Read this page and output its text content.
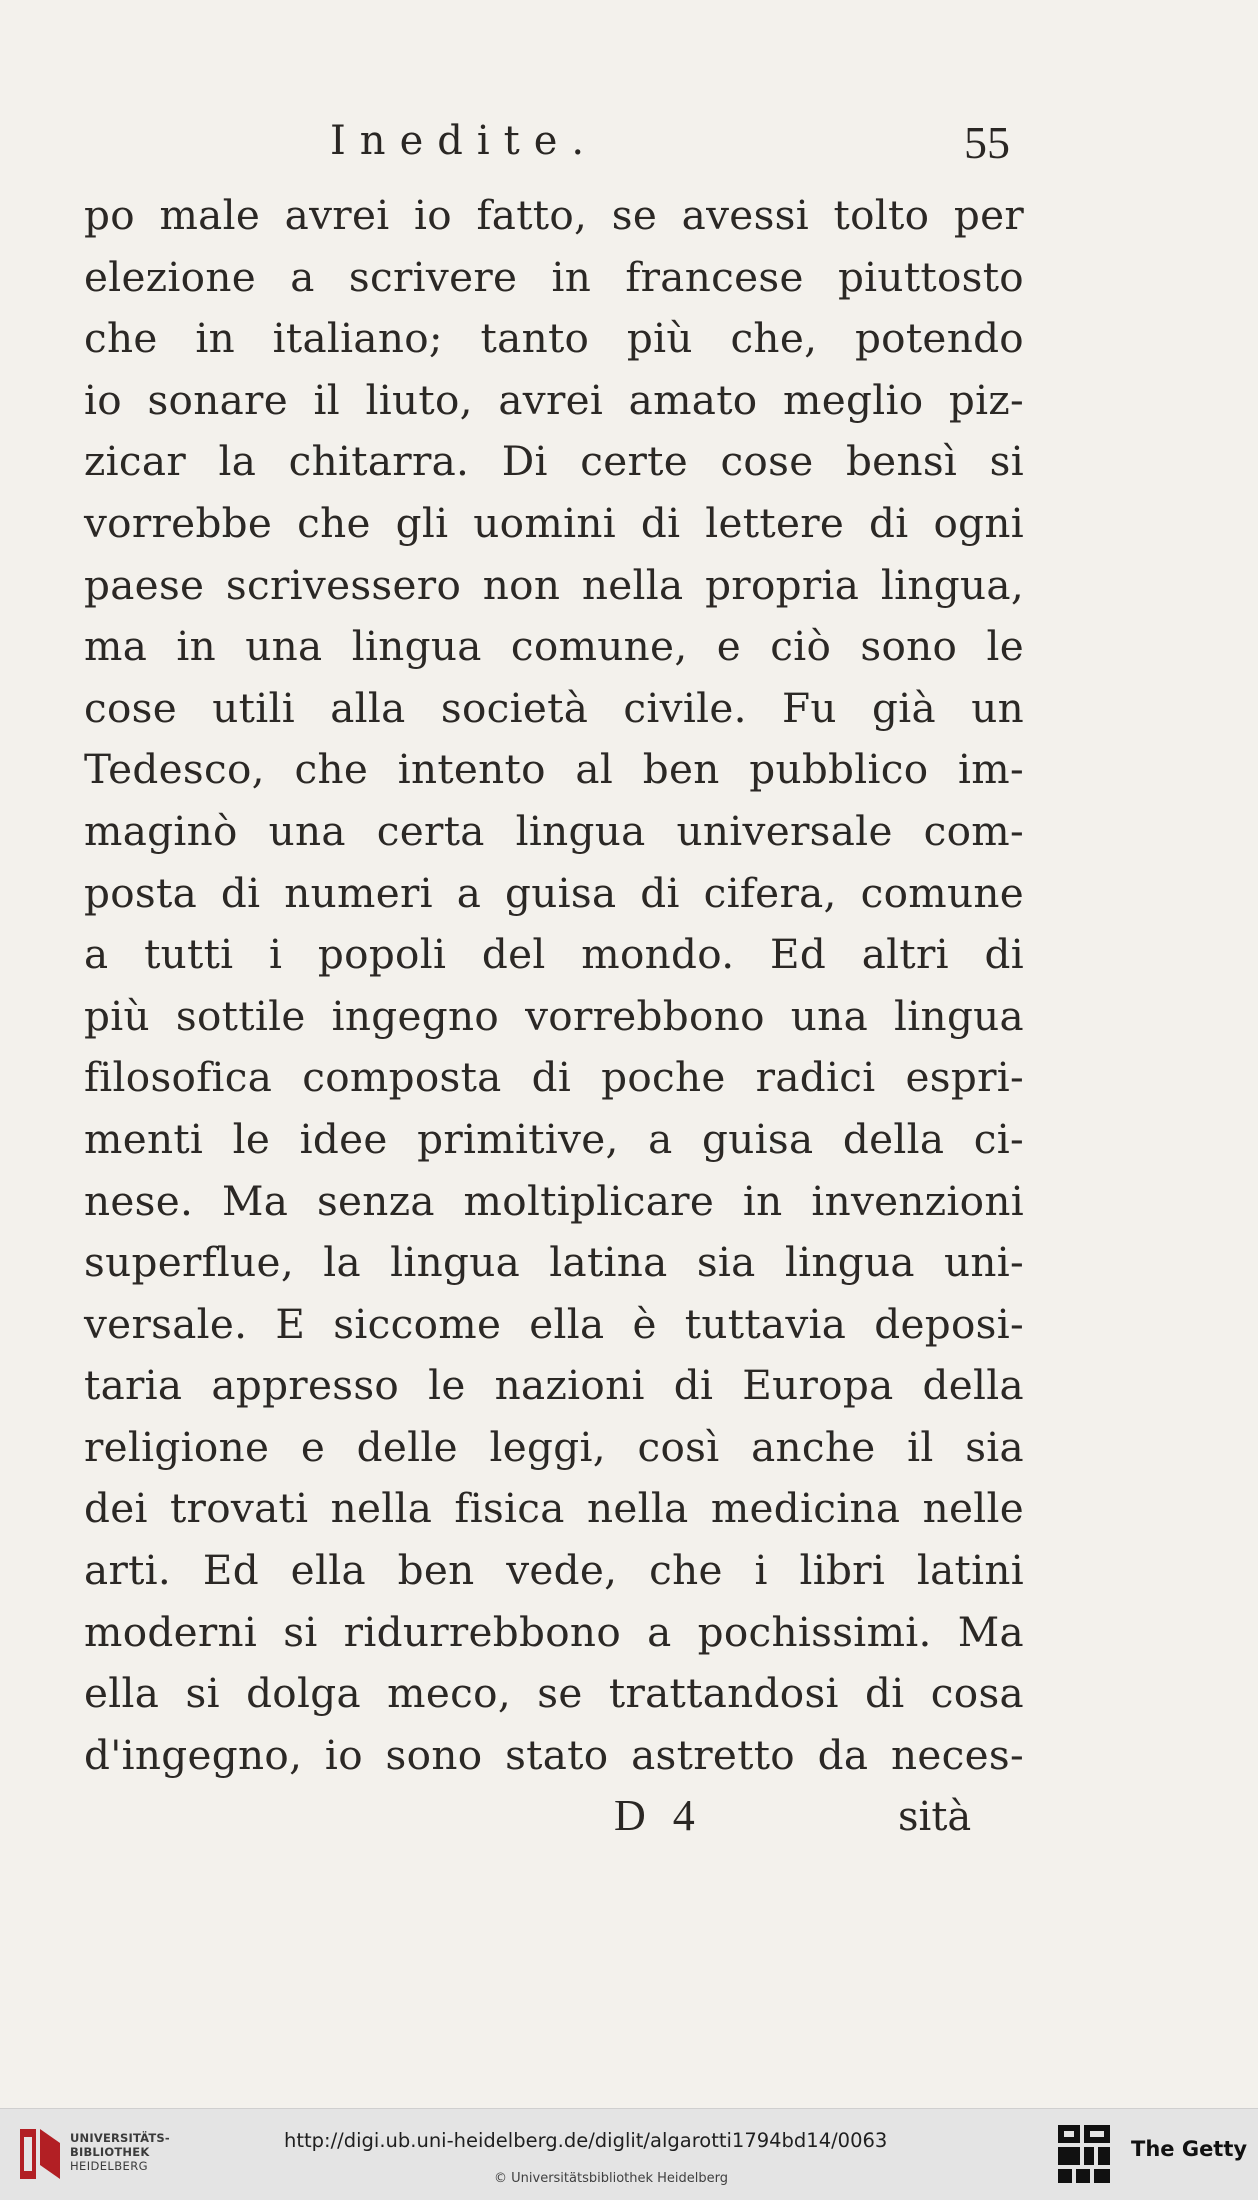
Inedite.	55
po male avrei io fatto, se avessi tolto per
elezione a scrivere in francese piuttosto
che in italiano; tanto più che, potendo
io sonare il liuto, avrei amato meglio piz-
zicar la chitarra. Di certe cose bensì si
vorrebbe che gli uomini di lettere di ogni
paese scrivessero non nella propria lingua,
ma in una lingua comune, e ciò sono le
cose utili alla società civile. Fu già un
Tedesco, che intento al ben pubblico im-
maginò una certa lingua universale com-
posta di numeri a guisa di cifera, comune
a tutti i popoli del mondo. Ed altri di
più sottile ingegno vorrebbono una lingua
filosofica composta di poche radici espri-
menti le idee primitive, a guisa della ci-
nese. Ma senza moltiplicare in invenzioni
superflue, la lingua latina sia lingua uni-
versale. E siccome ella è tuttavia deposi-
taria appresso le nazioni di Europa della
religione e delle leggi, così anche il sia
dei trovati nella fisica nella medicina nelle
arti. Ed ella ben vede, che i libri latini
moderni si ridurrebbono a pochissimi. Ma
ella si dolga meco, se trattandosi di cosa
d'ingegno, io sono stato astretto da neces-
D 4	sità
UNIVERSITÄTS-
BIBLIOTHEK
HEIDELBERG
http://digi.ub.uni-heidelberg.de/diglit/algarotti1794bd14/0063
© Universitätsbibliothek Heidelberg
The Getty
